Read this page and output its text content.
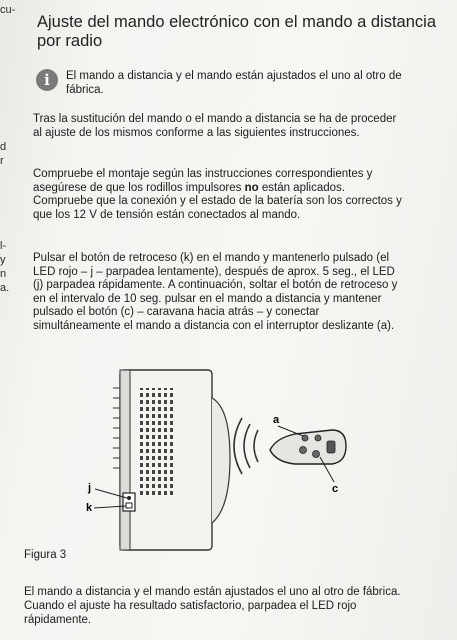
cu-
d
r
l-
y
n
a.
Ajuste del mando electrónico con el mando a distancia por radio
i	El mando a distancia y el mando están ajustados el uno al otro de fábrica.
Tras la sustitución del mando o el mando a distancia se ha de proceder al ajuste de los mismos conforme a las siguientes instrucciones.
Compruebe el montaje según las instrucciones correspondientes y asegúrese de que los rodillos impulsores no están aplicados. Compruebe que la conexión y el estado de la batería son los correctos y que los 12 V de tensión están conectados al mando.
Pulsar el botón de retroceso (k) en el mando y mantenerlo pulsado (el LED rojo – j – parpadea lentamente), después de aprox. 5 seg., el LED (j) parpadea rápidamente. A continuación, soltar el botón de retroceso y en el intervalo de 10 seg. pulsar en el mando a distancia y mantener pulsado el botón (c) – caravana hacia atrás – y conectar simultáneamente el mando a distancia con el interruptor deslizante (a).
j
k
a
c
Figura 3
El mando a distancia y el mando están ajustados el uno al otro de fábrica. Cuando el ajuste ha resultado satisfactorio, parpadea el LED rojo rápidamente.
